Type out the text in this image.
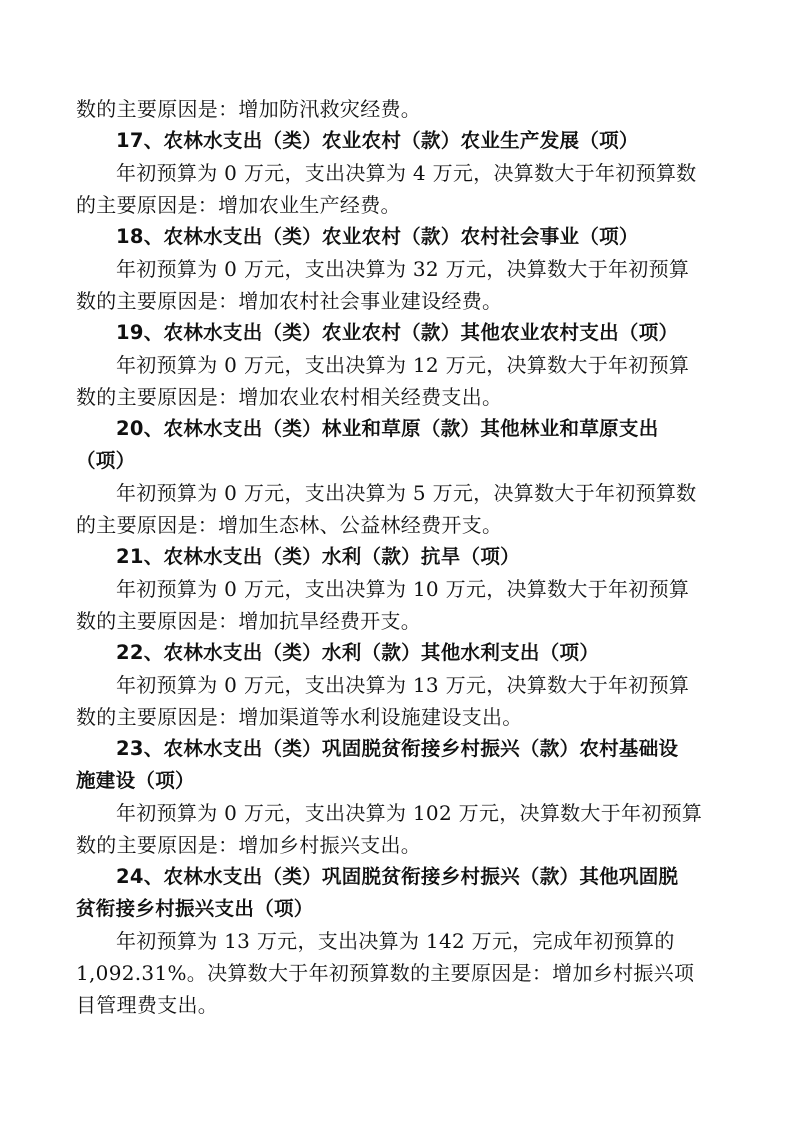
数的主要原因是：增加防汛救灾经费。
17、农林水支出（类）农业农村（款）农业生产发展（项）
年初预算为 0 万元，支出决算为 4 万元，决算数大于年初预算数
的主要原因是：增加农业生产经费。
18、农林水支出（类）农业农村（款）农村社会事业（项）
年初预算为 0 万元，支出决算为 32 万元，决算数大于年初预算
数的主要原因是：增加农村社会事业建设经费。
19、农林水支出（类）农业农村（款）其他农业农村支出（项）
年初预算为 0 万元，支出决算为 12 万元，决算数大于年初预算
数的主要原因是：增加农业农村相关经费支出。
20、农林水支出（类）林业和草原（款）其他林业和草原支出
（项）
年初预算为 0 万元，支出决算为 5 万元，决算数大于年初预算数
的主要原因是：增加生态林、公益林经费开支。
21、农林水支出（类）水利（款）抗旱（项）
年初预算为 0 万元，支出决算为 10 万元，决算数大于年初预算
数的主要原因是：增加抗旱经费开支。
22、农林水支出（类）水利（款）其他水利支出（项）
年初预算为 0 万元，支出决算为 13 万元，决算数大于年初预算
数的主要原因是：增加渠道等水利设施建设支出。
23、农林水支出（类）巩固脱贫衔接乡村振兴（款）农村基础设
施建设（项）
年初预算为 0 万元，支出决算为 102 万元，决算数大于年初预算
数的主要原因是：增加乡村振兴支出。
24、农林水支出（类）巩固脱贫衔接乡村振兴（款）其他巩固脱
贫衔接乡村振兴支出（项）
年初预算为 13 万元，支出决算为 142 万元，完成年初预算的
1,092.31%。决算数大于年初预算数的主要原因是：增加乡村振兴项
目管理费支出。
